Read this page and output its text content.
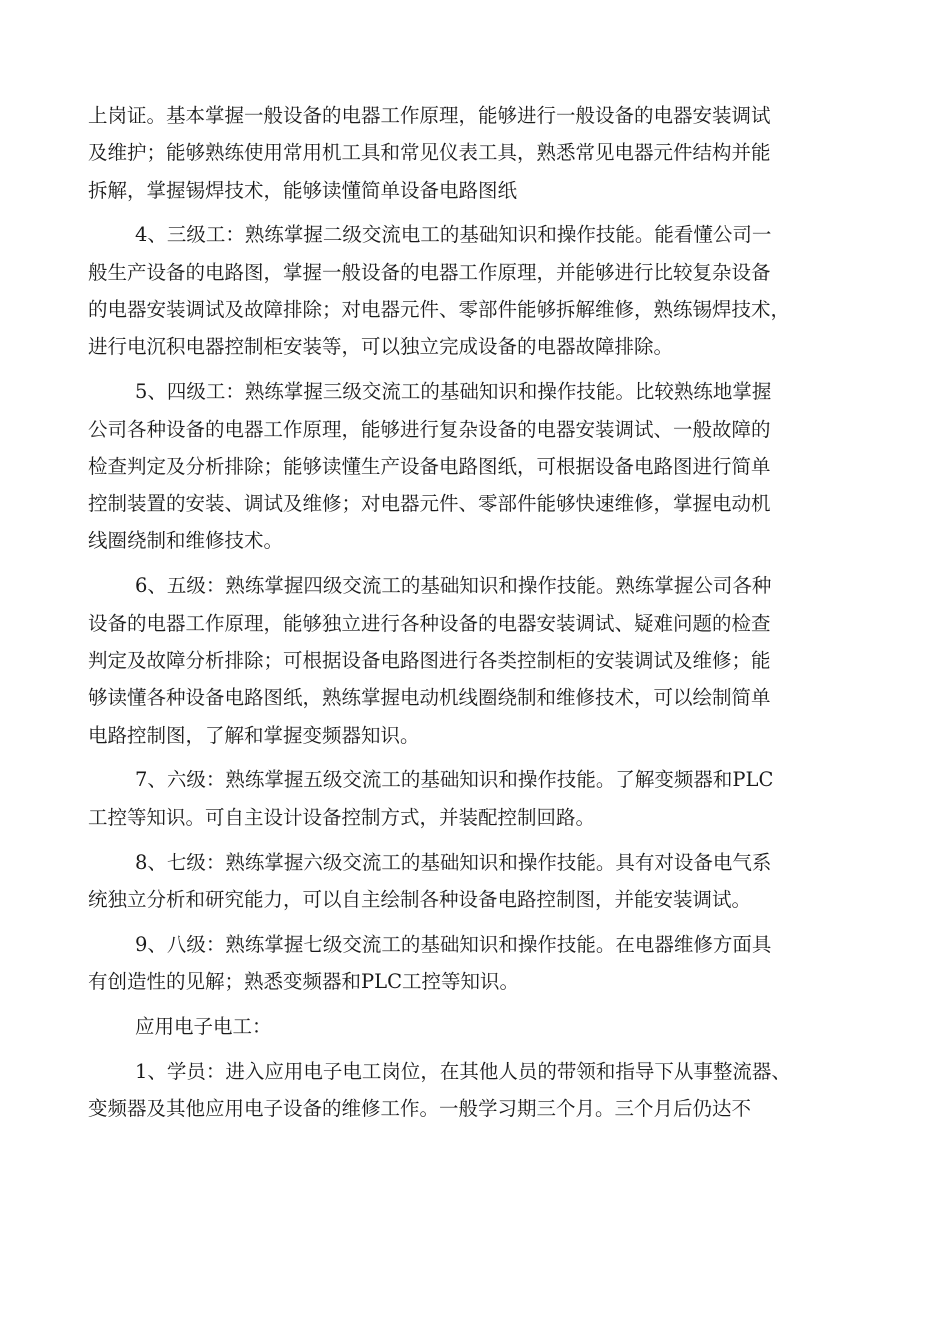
上岗证。基本掌握一般设备的电器工作原理，能够进行一般设备的电器安装调试
及维护；能够熟练使用常用机工具和常见仪表工具，熟悉常见电器元件结构并能
拆解，掌握锡焊技术，能够读懂简单设备电路图纸
4、三级工：熟练掌握二级交流电工的基础知识和操作技能。能看懂公司一
般生产设备的电路图，掌握一般设备的电器工作原理，并能够进行比较复杂设备
的电器安装调试及故障排除；对电器元件、零部件能够拆解维修，熟练锡焊技术，
进行电沉积电器控制柜安装等，可以独立完成设备的电器故障排除。
5、四级工：熟练掌握三级交流工的基础知识和操作技能。比较熟练地掌握
公司各种设备的电器工作原理，能够进行复杂设备的电器安装调试、一般故障的
检查判定及分析排除；能够读懂生产设备电路图纸，可根据设备电路图进行简单
控制装置的安装、调试及维修；对电器元件、零部件能够快速维修，掌握电动机
线圈绕制和维修技术。
6、五级：熟练掌握四级交流工的基础知识和操作技能。熟练掌握公司各种
设备的电器工作原理，能够独立进行各种设备的电器安装调试、疑难问题的检查
判定及故障分析排除；可根据设备电路图进行各类控制柜的安装调试及维修；能
够读懂各种设备电路图纸，熟练掌握电动机线圈绕制和维修技术，可以绘制简单
电路控制图，了解和掌握变频器知识。
7、六级：熟练掌握五级交流工的基础知识和操作技能。了解变频器和PLC
工控等知识。可自主设计设备控制方式，并装配控制回路。
8、七级：熟练掌握六级交流工的基础知识和操作技能。具有对设备电气系
统独立分析和研究能力，可以自主绘制各种设备电路控制图，并能安装调试。
9、八级：熟练掌握七级交流工的基础知识和操作技能。在电器维修方面具
有创造性的见解；熟悉变频器和PLC工控等知识。
应用电子电工：
1、学员：进入应用电子电工岗位，在其他人员的带领和指导下从事整流器、
变频器及其他应用电子设备的维修工作。一般学习期三个月。三个月后仍达不
